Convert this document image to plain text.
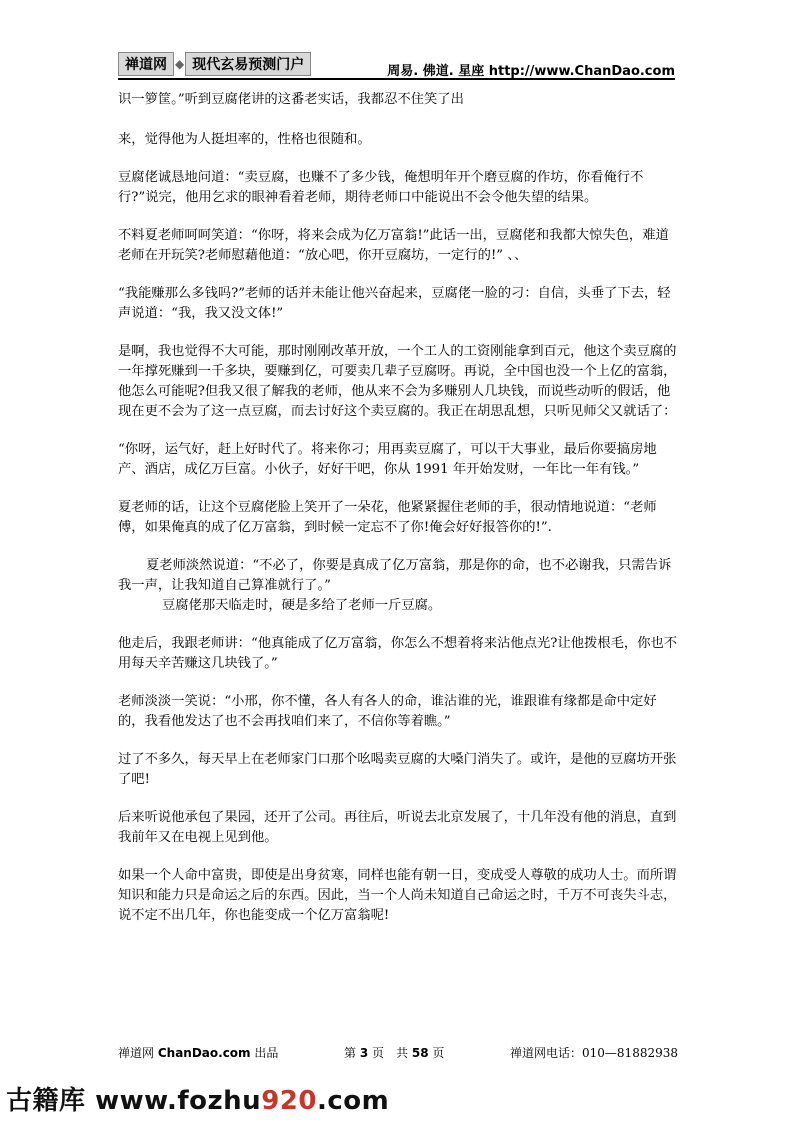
禅道网 ◆ 现代玄易预测门户	周易. 佛道. 星座 http://www.ChanDao.com

识一箩筐。”听到豆腐佬讲的这番老实话，我都忍不住笑了出

来，觉得他为人挺坦率的，性格也很随和。

豆腐佬诚恳地问道：“卖豆腐，也赚不了多少钱，俺想明年开个磨豆腐的作坊，你看俺行不行?”说完，他用乞求的眼神看着老师，期待老师口中能说出不会令他失望的结果。

不料夏老师呵呵笑道：“你呀，将来会成为亿万富翁!”此话一出，豆腐佬和我都大惊失色，难道老师在开玩笑?老师慰藉他道：“放心吧，你开豆腐坊，一定行的!” 、、

“我能赚那么多钱吗?”老师的话并未能让他兴奋起来，豆腐佬一脸的刁：自信，头垂了下去，轻声说道：“我，我又没文体!”

是啊，我也觉得不大可能，那时刚刚改革开放，一个工人的工资刚能拿到百元，他这个卖豆腐的一年撑死赚到一千多块，要赚到亿，可要卖几辈子豆腐呀。再说，全中国也没一个上亿的富翁，他怎么可能呢?但我又很了解我的老师，他从来不会为多赚别人几块钱，而说些动听的假话，他现在更不会为了这一点豆腐，而去讨好这个卖豆腐的。我正在胡思乱想，只听见师父又就话了：

“你呀，运气好，赶上好时代了。将来你刁；用再卖豆腐了，可以干大事业，最后你要搞房地产、酒店，成亿万巨富。小伙子，好好干吧，你从 1991 年开始发财，一年比一年有钱。”

夏老师的话，让这个豆腐佬脸上笑开了一朵花，他紧紧握住老师的手，很动情地说道：“老师傅，如果俺真的成了亿万富翁，到时候一定忘不了你!俺会好好报答你的!”.

夏老师淡然说道：“不必了，你要是真成了亿万富翁，那是你的命，也不必谢我，只需告诉我一声，让我知道自己算准就行了。”

豆腐佬那天临走时，硬是多给了老师一斤豆腐。

他走后，我跟老师讲：“他真能成了亿万富翁，你怎么不想着将来沾他点光?让他拨根毛，你也不用每天辛苦赚这几块钱了。”

老师淡淡一笑说：“小邢，你不懂，各人有各人的命，谁沾谁的光，谁跟谁有缘都是命中定好的，我看他发达了也不会再找咱们来了，不信你等着瞧。”

过了不多久，每天早上在老师家门口那个吆喝卖豆腐的大嗓门消失了。或许，是他的豆腐坊开张了吧!

后来听说他承包了果园，还开了公司。再往后，听说去北京发展了，十几年没有他的消息，直到我前年又在电视上见到他。

如果一个人命中富贵，即使是出身贫寒，同样也能有朝一日，变成受人尊敬的成功人士。而所谓知识和能力只是命运之后的东西。因此，当一个人尚未知道自己命运之时，千万不可丧失斗志，说不定不出几年，你也能变成一个亿万富翁呢!

禅道网 ChanDao.com 出品	第 3 页　共 58 页	禅道网电话：010—81882938
古籍库 www.fozhu920.com
